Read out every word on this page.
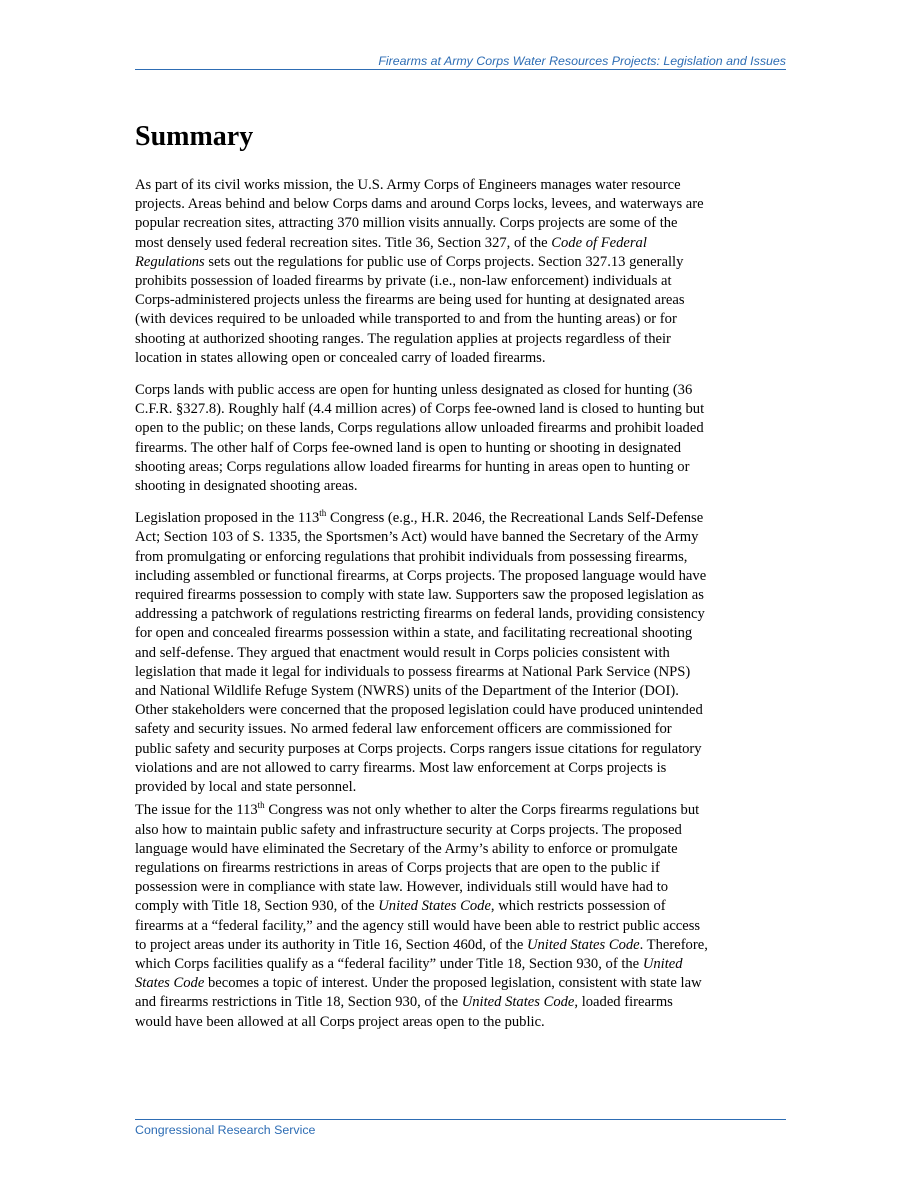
Firearms at Army Corps Water Resources Projects: Legislation and Issues
Summary

As part of its civil works mission, the U.S. Army Corps of Engineers manages water resource
projects. Areas behind and below Corps dams and around Corps locks, levees, and waterways are
popular recreation sites, attracting 370 million visits annually. Corps projects are some of the
most densely used federal recreation sites. Title 36, Section 327, of the Code of Federal
Regulations sets out the regulations for public use of Corps projects. Section 327.13 generally
prohibits possession of loaded firearms by private (i.e., non-law enforcement) individuals at
Corps-administered projects unless the firearms are being used for hunting at designated areas
(with devices required to be unloaded while transported to and from the hunting areas) or for
shooting at authorized shooting ranges. The regulation applies at projects regardless of their
location in states allowing open or concealed carry of loaded firearms.

Corps lands with public access are open for hunting unless designated as closed for hunting (36
C.F.R. §327.8). Roughly half (4.4 million acres) of Corps fee-owned land is closed to hunting but
open to the public; on these lands, Corps regulations allow unloaded firearms and prohibit loaded
firearms. The other half of Corps fee-owned land is open to hunting or shooting in designated
shooting areas; Corps regulations allow loaded firearms for hunting in areas open to hunting or
shooting in designated shooting areas.

Legislation proposed in the 113th Congress (e.g., H.R. 2046, the Recreational Lands Self-Defense
Act; Section 103 of S. 1335, the Sportsmen’s Act) would have banned the Secretary of the Army
from promulgating or enforcing regulations that prohibit individuals from possessing firearms,
including assembled or functional firearms, at Corps projects. The proposed language would have
required firearms possession to comply with state law. Supporters saw the proposed legislation as
addressing a patchwork of regulations restricting firearms on federal lands, providing consistency
for open and concealed firearms possession within a state, and facilitating recreational shooting
and self-defense. They argued that enactment would result in Corps policies consistent with
legislation that made it legal for individuals to possess firearms at National Park Service (NPS)
and National Wildlife Refuge System (NWRS) units of the Department of the Interior (DOI).
Other stakeholders were concerned that the proposed legislation could have produced unintended
safety and security issues. No armed federal law enforcement officers are commissioned for
public safety and security purposes at Corps projects. Corps rangers issue citations for regulatory
violations and are not allowed to carry firearms. Most law enforcement at Corps projects is
provided by local and state personnel.

The issue for the 113th Congress was not only whether to alter the Corps firearms regulations but
also how to maintain public safety and infrastructure security at Corps projects. The proposed
language would have eliminated the Secretary of the Army’s ability to enforce or promulgate
regulations on firearms restrictions in areas of Corps projects that are open to the public if
possession were in compliance with state law. However, individuals still would have had to
comply with Title 18, Section 930, of the United States Code, which restricts possession of
firearms at a “federal facility,” and the agency still would have been able to restrict public access
to project areas under its authority in Title 16, Section 460d, of the United States Code. Therefore,
which Corps facilities qualify as a “federal facility” under Title 18, Section 930, of the United
States Code becomes a topic of interest. Under the proposed legislation, consistent with state law
and firearms restrictions in Title 18, Section 930, of the United States Code, loaded firearms
would have been allowed at all Corps project areas open to the public.

Congressional Research Service
